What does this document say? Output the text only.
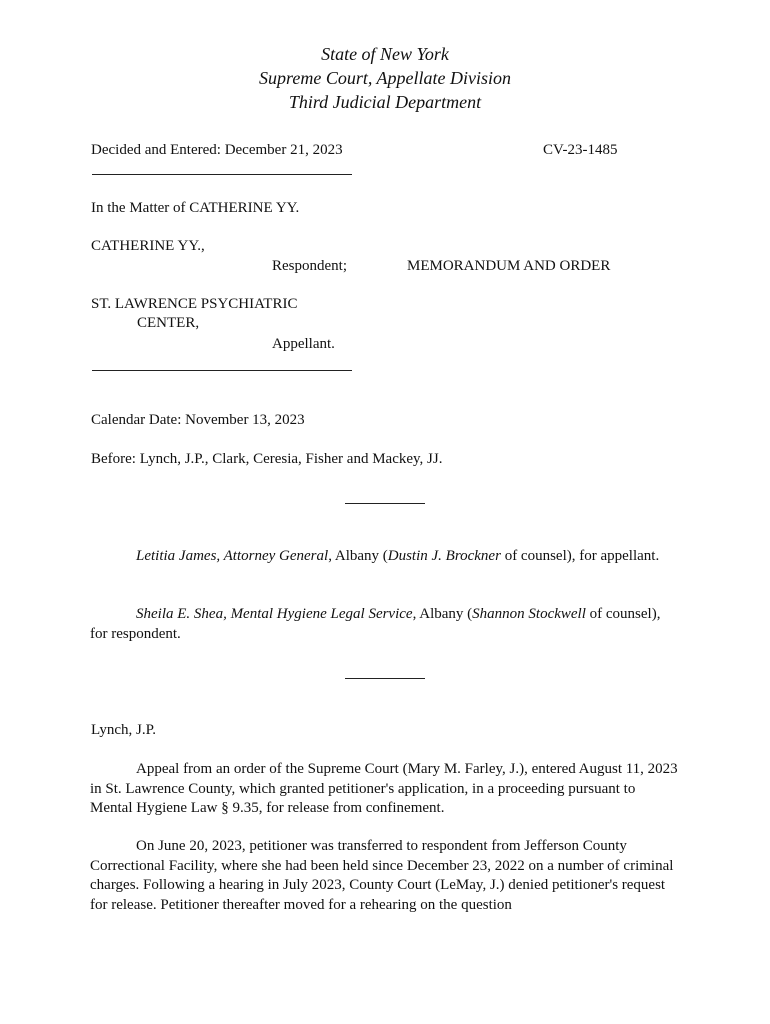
State of New York
Supreme Court, Appellate Division
Third Judicial Department
Decided and Entered: December 21, 2023	CV-23-1485
In the Matter of CATHERINE YY.
CATHERINE YY.,
Respondent;	MEMORANDUM AND ORDER
ST. LAWRENCE PSYCHIATRIC
CENTER,
Appellant.
Calendar Date: November 13, 2023
Before: Lynch, J.P., Clark, Ceresia, Fisher and Mackey, JJ.
Letitia James, Attorney General, Albany (Dustin J. Brockner of counsel), for appellant.
Sheila E. Shea, Mental Hygiene Legal Service, Albany (Shannon Stockwell of counsel), for respondent.
Lynch, J.P.
Appeal from an order of the Supreme Court (Mary M. Farley, J.), entered August 11, 2023 in St. Lawrence County, which granted petitioner's application, in a proceeding pursuant to Mental Hygiene Law § 9.35, for release from confinement.
On June 20, 2023, petitioner was transferred to respondent from Jefferson County Correctional Facility, where she had been held since December 23, 2022 on a number of criminal charges. Following a hearing in July 2023, County Court (LeMay, J.) denied petitioner's request for release. Petitioner thereafter moved for a rehearing on the question
